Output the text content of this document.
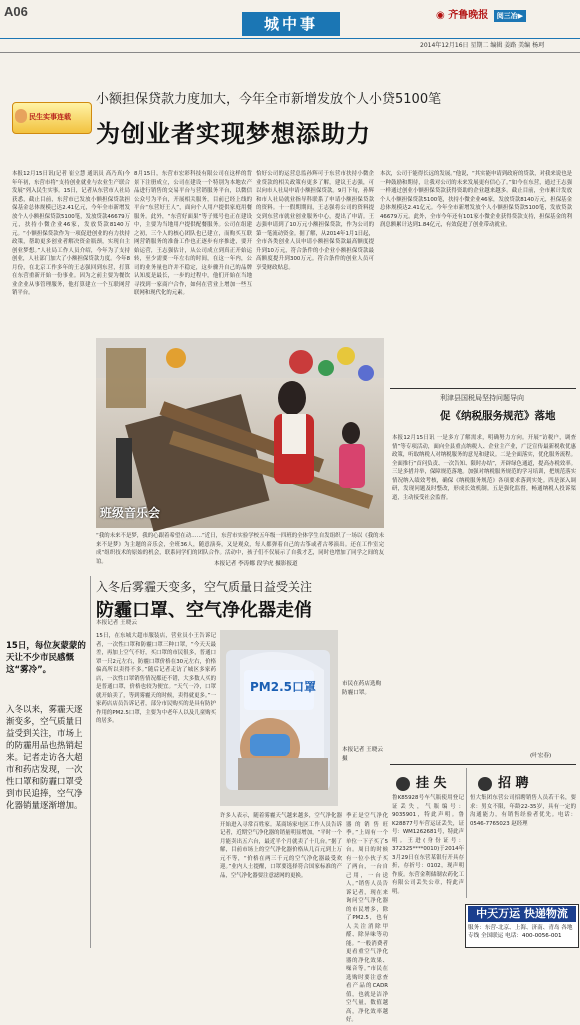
A06
城中事	◉ 齐鲁晚报 阅三冶▶
2014年12月16日 星期二 编辑 姜路 美编 杨珂
小额担保贷款力度加大，今年全市新增发放个人小贷5100笔
民生实事连载
为创业者实现梦想添助力
本报12月15日讯(记者 崔立慧 通讯员 高乃真)今年年初，东营市将“支持创业就业与农业生产联合发展”列入民生实事。15日，记者从东营市人社局获悉，截止目前，东营市已发放小额担保贷款担保基金总体规模已达2.41亿元，今年全市新增发放个人小额担保贷款5100笔，发放贷款46679万元，扶持小微企业46家，发放贷款8140万元。“小额担保贷款作为一项促进创业的有力扶持政策，帮助更多创业者解决资金瓶颈，实现自主创业梦想。”人社局工作人员介绍，今年为了支持创业，人社部门加大了小额担保贷款力度。今年8月份，在北京工作多年的王志强回到东营，打算在东营重新开始一份事业。因为之前主要为餐饮业企业从事管理服务，他打算建立一个互联网营销平台。
8月15日，东营市宏彩科技有限公司在这样的背景下注册成立，公司在建设一个特别为本地农产品进行销售的交易平台与营销服务平台，以微信公众号为平台，开展相关服务，目前已经上线的平台“东营好王人”，面向个人用户提供家庭用餐服务。此外，“东营好面果”等子账号也正在建设中，主要为当地用户提供配餐服务。公司在组建之初，三个人的核心团队也已建立，而购买互联网营销服务的准备工作也正逐步有序推进，要开始运营，王志强估计，从公司成立到真正开始运转，至少需要一年左右的时间，在这一年内，公司的业务量也许并不稳定，这步骤升自己的品牌认知度是最长，一步的过程中，他们开始在当地寻找到一家商户合作，如何在营业上增加一些互联网和现代化的元素。
恰好公司的运营总监孙辉可于东营市扶持小微企业贷款的相关政策有更多了解，建议王志强，可以向市人社局申请小额担保贷款。9月下旬，孙辉和市人社局就业指导科联系了申请小额担保贷款的资料。十一假期期间，王志强将公司的资料提交到东营市就业创业服务中心，提出了申请。王志强申请到了10万元小额担保贷款，作为公司的第一笔流动资金。据了解，从2014年1月1日起，全市各类创业人员申请小额担保贷款最高额度提升到10万元，符合条件的小企业小额担保贷款最高额度提升到300万元。符合条件的创业人员可享受财政贴息。
本次，公司于能得长远的发展。”他说，“其实能申请到政府的贷款，对我来说也是一种鼓励和期待，让我对公司的未来发展更有信心了。”如今在东营，通过王志强一样通过创业小额担保贷款获得资助的企业越来越多。截止目前，全市累计发放个人小额担保贷款5100笔，扶持小微企业46家，发放贷款8140万元，担保基金总体规模达2.41亿元。今年全市新增发放个人小额担保贷款5100笔，发放贷款46679万元。此外，全市今年还有101家小微企业获得贷款支持，担保基金的利润总额累计达到1.84亿元，有效促进了创业带动就业。
班级音乐会
“我的未来不是梦，我的心跟着希望在动……”近日，东营市实验学校五年级一四班的全体学生自发组织了一场以《我的未来不是梦》为主题的音乐会，全班36人，随意演奏，又是观众，每人都弹着自己的古筝或者古琴演出。还在工作室完成“组织技术的原始的机会，联系同学们的团队合作。活动中，孩子们不仅展示了自我才艺，同时也增加了同学之间的友谊。	本报记者 李涛娜 段学虎 摄影报道
利津县国税局坚持问题导向
促《纳税服务规范》落地
本报12月15日讯 一是多方了解需求，明确努力方向。开展“访税户，调查情”等专项活动，面向全县重点纳税人、企业主产业，广泛宣传最新税收优惠政策，听取纳税人对纳税服务的意见和建议。二是全面落实，优化服务流程。全面推行“首问负责、一次告知、限时办结”，开辟绿色通道，提高办税效率。三是多措并举，保障规范落地。加强对纳税服务规范的学习培训，把规范落实情况纳入绩效考核，确保《纳税服务规范》各项要求落到实处。四是深入调研，发现问题及时整改，形成长效机制。五是强化监督，畅通纳税人投诉渠道，主动接受社会监督。
(叶宏春)
15日，每位灰蒙蒙的天让不少市民感慨这“雾冷”。
入冬以来，雾霾天逐渐变多，空气质量日益受到关注，市场上的防霾用品也热销起来。记者走访各大超市和药店发现，一次性口罩和防霾口罩受到市民追捧，空气净化器销量逐渐增加。
入冬后雾霾天变多，空气质量日益受关注
防霾口罩、空气净化器走俏
本报记者 王晓云
15日，在东城大超市服装店，营业员小王告诉记者，一次性口罩和防霾口罩三种口罩，“今天天最差，再加上空气不好，买口罩的市民很多，普通口罩一只2元左右，防霾口罩价格在30元左右，价格偏高所以卖得不多。”随后记者走访了城区多家药店，一次性口罩销售情况都还不错，大多数人买的是普通口罩，价格也较为便宜。“天气一冷，口罩就开始卖了，等到雾霾天的时候，卖得就更多。”一家药店店员告诉记者，部分市民购买的是具有防护作用的PM2.5口罩，主要为中老年人以及儿童购买的居多。
许多人表示，随着雾霾天气越来越多，空气净化器开始进入寻常百姓家。某商场家电区工作人员告诉记者，近期空气净化器的销量明显增加，“平时一个月能卖出五六台，最近半个月就卖了十几台。”据了解，目前市场上的空气净化器价格从几百元到上万元不等，“价格在两三千元的空气净化器最受欢迎。”业内人士提醒，口罩要选择符合国家标准的产品，空气净化器要注意滤网的更换。
季正是空气净化器的销售旺季。”上周有一个单位一下子买了5台。周日的时候有一位小伙子买了两台，一台自己用，一台送人。”销售人员告诉记者，现在来询问空气净化器的市民增多，除了PM2.5，也有人关注消除甲醛、除异味等功能。“一般消费者更看重空气净化器的净化效果、噪音等。”市民在选购时要注意查看产品的CADR值，也就是洁净空气量，数值越高，净化效率越好。
PM2.5口罩	市民在药店选购防霾口罩。
本报记者 王晓云 摄
挂 失
鲁K85928号车气瓶使用登记证丢失，气瓶编号：9035901，特此声明。鲁K28877号车营运证丢失，证号：WM1262681号，特此声明。王进(身份证号：372325****0010)于2014年3月29日在东营某银行开具存折，存折号：0102，现声明作废。东营金利储制农药化工有限公司丢失公章，特此声明。
招 聘
恒大集团东营公司招聘销售人员若干名，要求：男女不限，年龄22-35岁，具有一定的沟通能力，有销售经验者优先。电话：0546-7765023 赵经理
中天万运 快递物流
服务：东营-北京、上海、济南、青岛 各地专线 全国联运 电话：400-0056-001
